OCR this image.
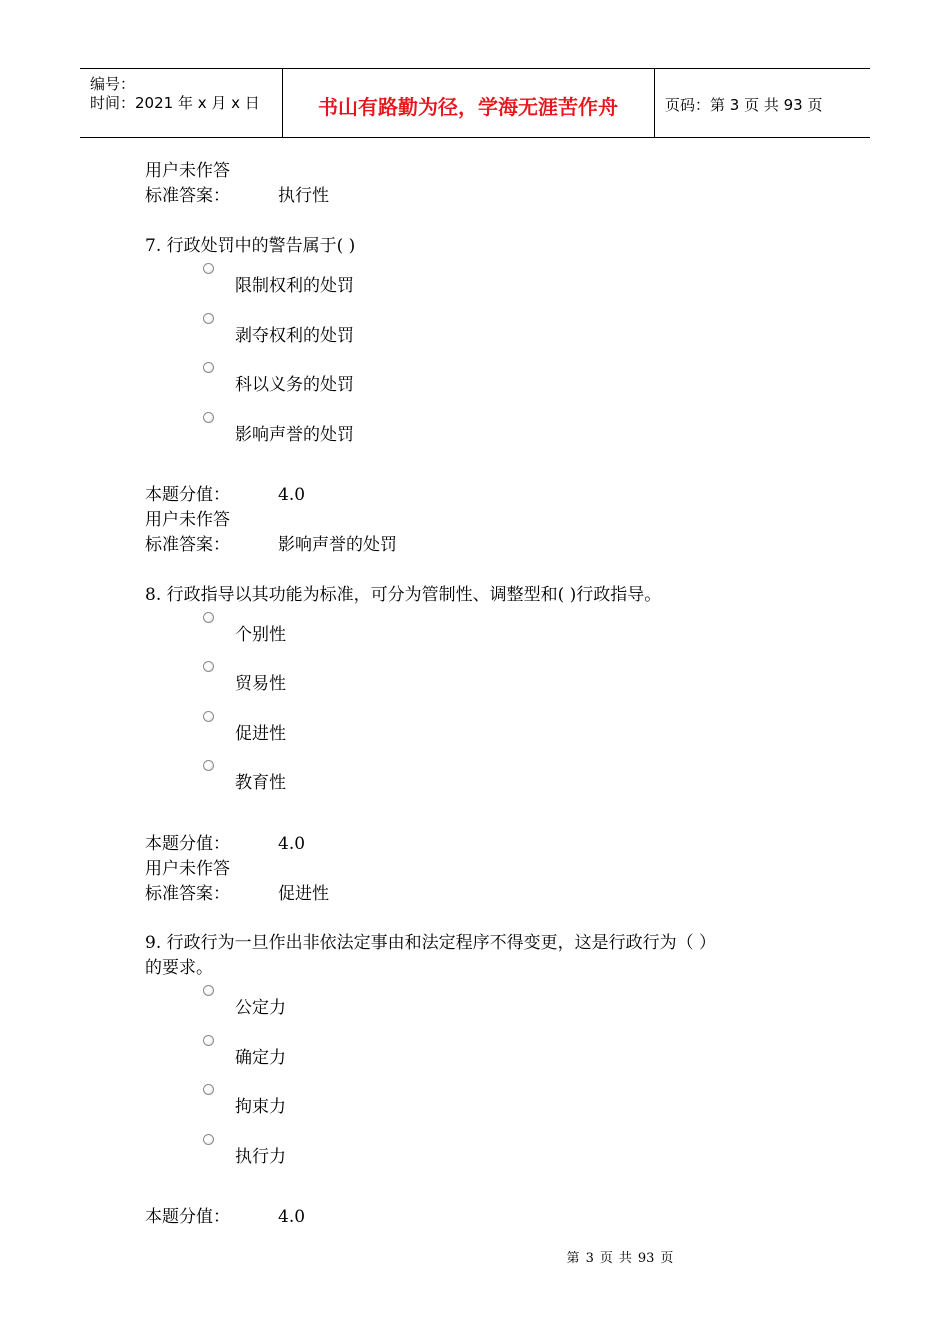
编号：
时间：2021 年 x 月 x 日	书山有路勤为径，学海无涯苦作舟	页码：第 3 页 共 93 页
用户未作答
标准答案：	执行性
7. 行政处罚中的警告属于( )
限制权利的处罚
剥夺权利的处罚
科以义务的处罚
影响声誉的处罚
本题分值：	4.0
用户未作答
标准答案：	影响声誉的处罚
8. 行政指导以其功能为标准，可分为管制性、调整型和( )行政指导。
个别性
贸易性
促进性
教育性
本题分值：	4.0
用户未作答
标准答案：	促进性
9. 行政行为一旦作出非依法定事由和法定程序不得变更，这是行政行为（ ）
的要求。
公定力
确定力
拘束力
执行力
本题分值：	4.0
第 3 页 共 93 页
